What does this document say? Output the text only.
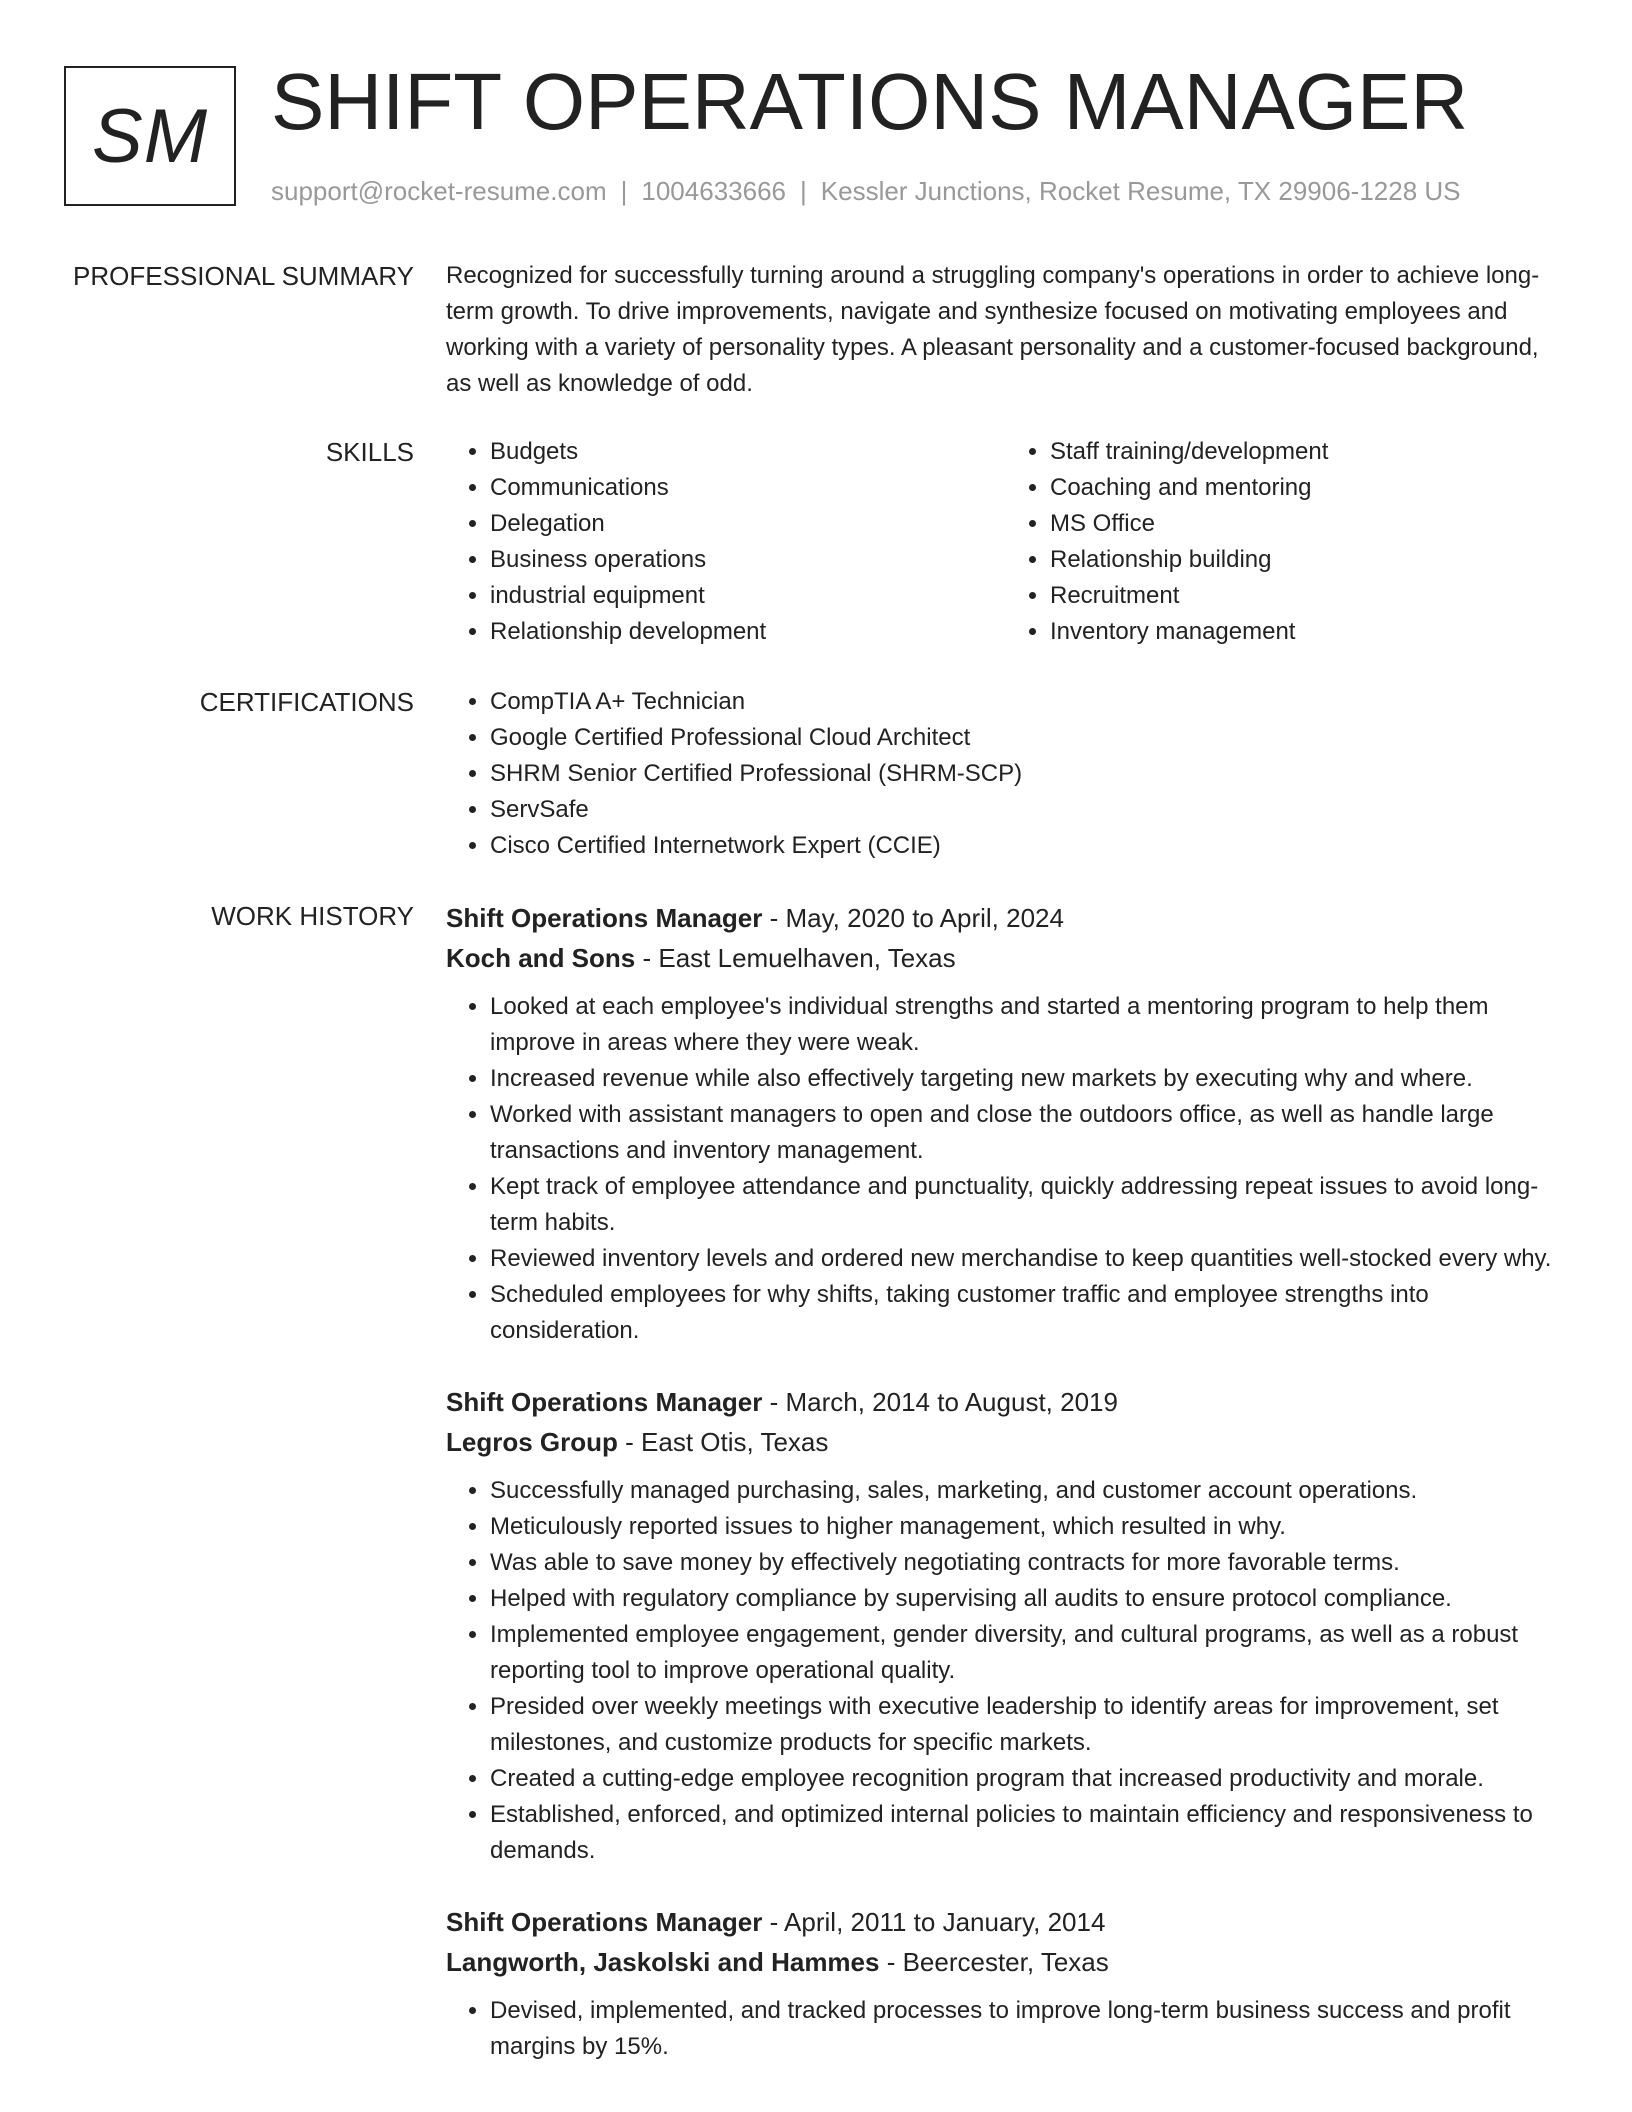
SM SHIFT OPERATIONS MANAGER
support@rocket-resume.com | 1004633666 | Kessler Junctions, Rocket Resume, TX 29906-1228 US
PROFESSIONAL SUMMARY Recognized for successfully turning around a struggling company's operations in order to achieve long-term growth. To drive improvements, navigate and synthesize focused on motivating employees and working with a variety of personality types. A pleasant personality and a customer-focused background, as well as knowledge of odd.

SKILLS	• Budgets
• Communications
• Delegation
• Business operations
• industrial equipment
• Relationship development
• Staff training/development
• Coaching and mentoring
• MS Office
• Relationship building
• Recruitment
• Inventory management
CERTIFICATIONS	• CompTIA A+ Technician
• Google Certified Professional Cloud Architect
• SHRM Senior Certified Professional (SHRM-SCP)
• ServSafe
• Cisco Certified Internetwork Expert (CCIE)
WORK HISTORY Shift Operations Manager - May, 2020 to April, 2024
Koch and Sons - East Lemuelhaven, Texas
• Looked at each employee's individual strengths and started a mentoring program to help them improve in areas where they were weak.
• Increased revenue while also effectively targeting new markets by executing why and where.
• Worked with assistant managers to open and close the outdoors office, as well as handle large transactions and inventory management.
• Kept track of employee attendance and punctuality, quickly addressing repeat issues to avoid long-term habits.
• Reviewed inventory levels and ordered new merchandise to keep quantities well-stocked every why.
• Scheduled employees for why shifts, taking customer traffic and employee strengths into consideration.
Shift Operations Manager - March, 2014 to August, 2019
Legros Group - East Otis, Texas
• Successfully managed purchasing, sales, marketing, and customer account operations.
• Meticulously reported issues to higher management, which resulted in why.
• Was able to save money by effectively negotiating contracts for more favorable terms.
• Helped with regulatory compliance by supervising all audits to ensure protocol compliance.
• Implemented employee engagement, gender diversity, and cultural programs, as well as a robust reporting tool to improve operational quality.
• Presided over weekly meetings with executive leadership to identify areas for improvement, set milestones, and customize products for specific markets.
• Created a cutting-edge employee recognition program that increased productivity and morale.
• Established, enforced, and optimized internal policies to maintain efficiency and responsiveness to demands.
Shift Operations Manager - April, 2011 to January, 2014
Langworth, Jaskolski and Hammes - Beercester, Texas
• Devised, implemented, and tracked processes to improve long-term business success and profit margins by 15%.
